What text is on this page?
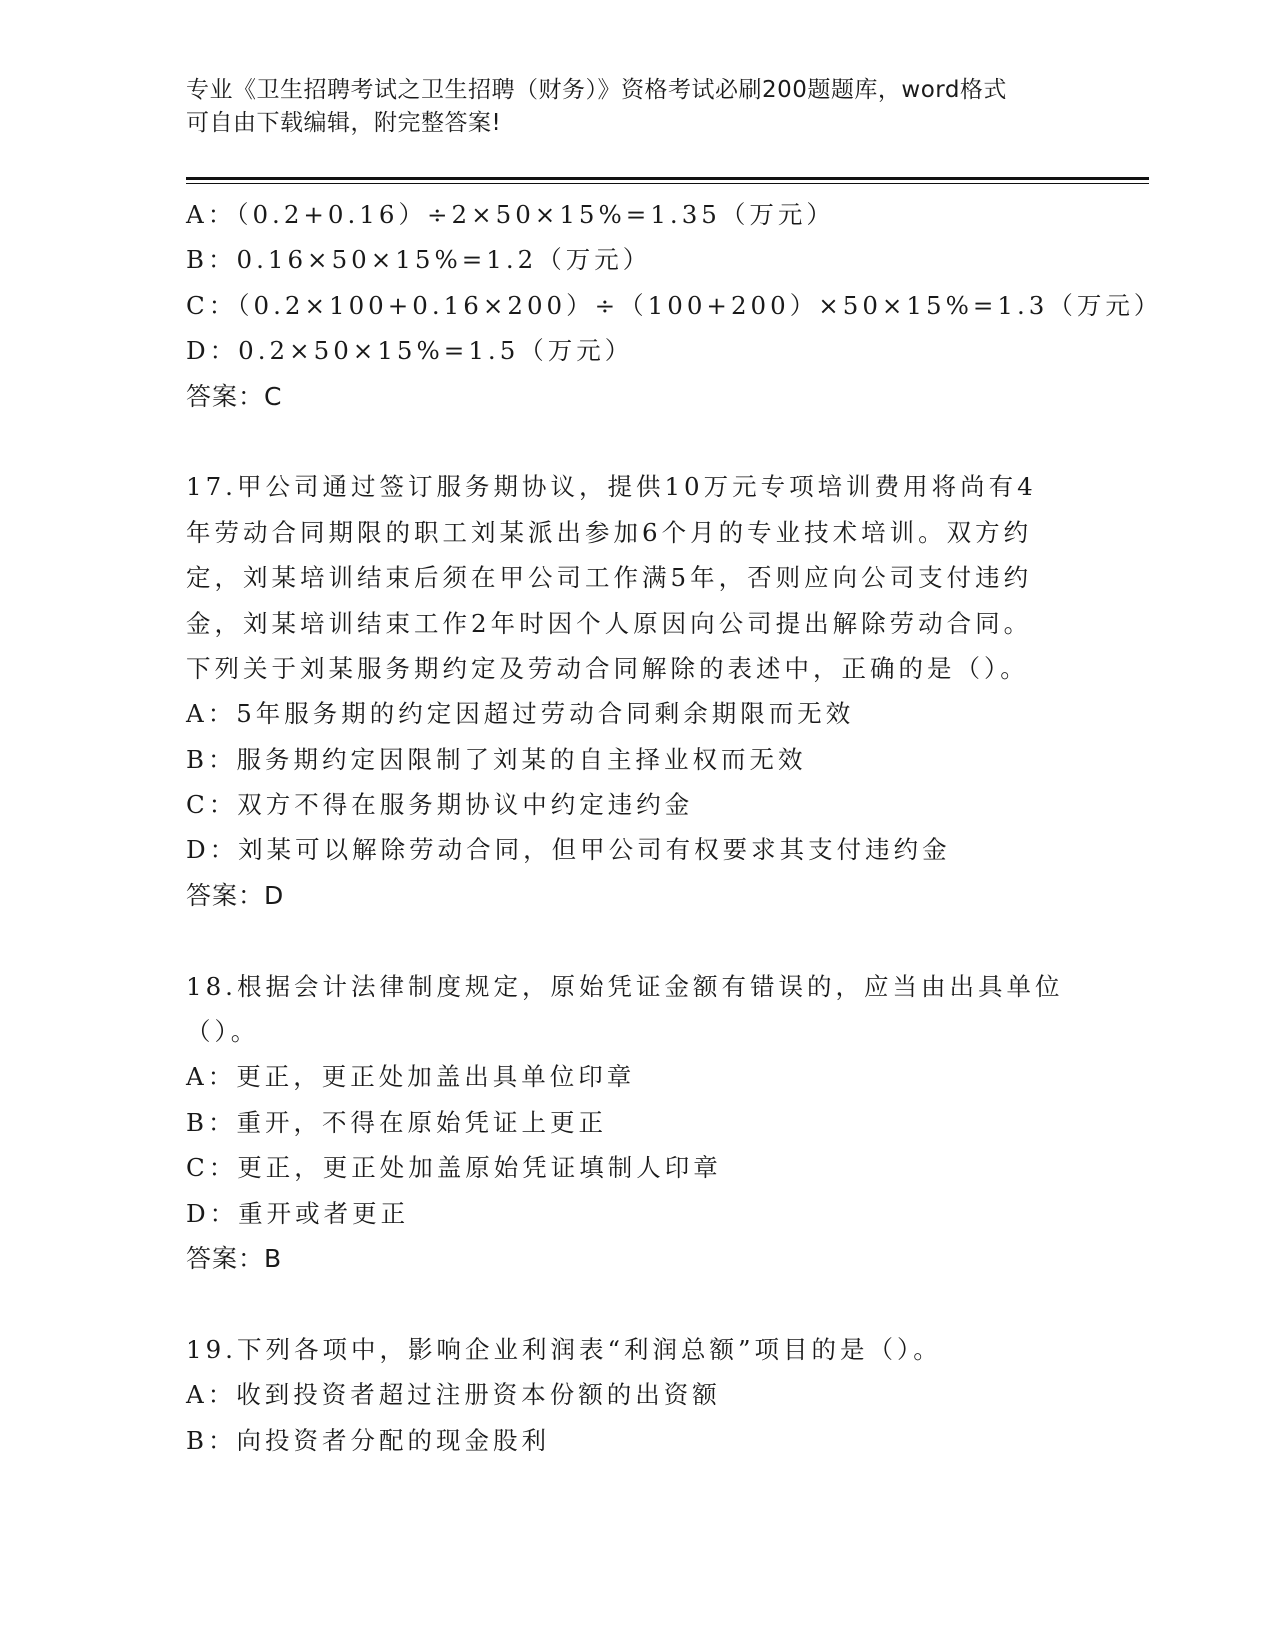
专业《卫生招聘考试之卫生招聘（财务）》资格考试必刷200题题库，word格式
可自由下载编辑，附完整答案!
A：（0.2+0.16）÷2×50×15%=1.35（万元）
B：0.16×50×15%=1.2（万元）
C：（0.2×100+0.16×200）÷（100+200）×50×15%=1.3（万元）
D：0.2×50×15%=1.5（万元）
答案：C
17.甲公司通过签订服务期协议，提供10万元专项培训费用将尚有4
年劳动合同期限的职工刘某派出参加6个月的专业技术培训。双方约
定，刘某培训结束后须在甲公司工作满5年，否则应向公司支付违约
金，刘某培训结束工作2年时因个人原因向公司提出解除劳动合同。
下列关于刘某服务期约定及劳动合同解除的表述中，正确的是（）。
A：5年服务期的约定因超过劳动合同剩余期限而无效
B：服务期约定因限制了刘某的自主择业权而无效
C：双方不得在服务期协议中约定违约金
D：刘某可以解除劳动合同，但甲公司有权要求其支付违约金
答案：D
18.根据会计法律制度规定，原始凭证金额有错误的，应当由出具单位
（）。
A：更正，更正处加盖出具单位印章
B：重开，不得在原始凭证上更正
C：更正，更正处加盖原始凭证填制人印章
D：重开或者更正
答案：B
19.下列各项中，影响企业利润表“利润总额”项目的是（）。
A：收到投资者超过注册资本份额的出资额
B：向投资者分配的现金股利
